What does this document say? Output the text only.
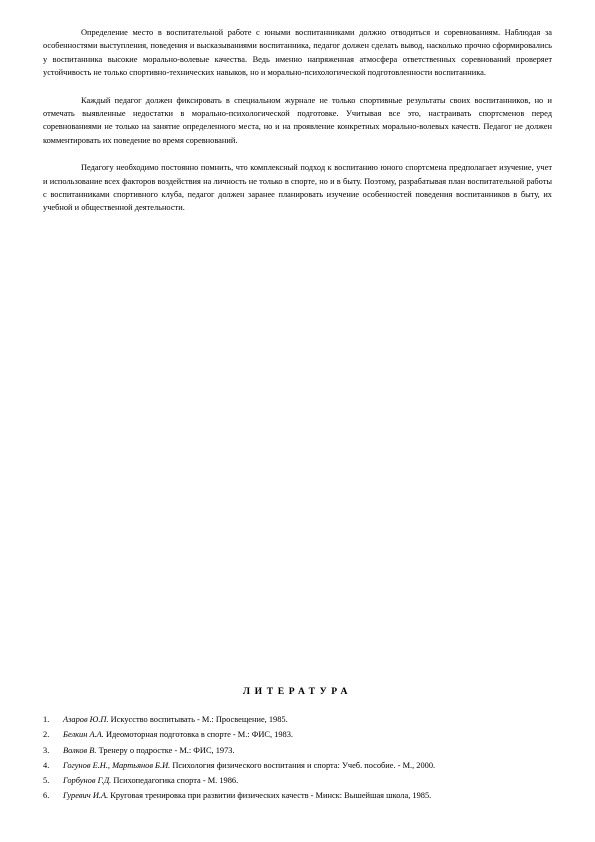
Определение место в воспитательной работе с юными воспитанниками должно отводиться и соревнованиям. Наблюдая за особенностями выступления, поведения и высказываниями воспитанника, педагог должен сделать вывод, насколько прочно сформировались у воспитанника высокие морально-волевые качества. Ведь именно напряженная атмосфера ответственных соревнований проверяет устойчивость не только спортивно-технических навыков, но и морально-психологической подготовленности воспитанника.

Каждый педагог должен фиксировать в специальном журнале не только спортивные результаты своих воспитанников, но и отмечать выявленные недостатки в морально-психологической подготовке. Учитывая все это, настраивать спортсменов перед соревнованиями не только на занятие определенного места, но и на проявление конкретных морально-волевых качеств. Педагог не должен комментировать их поведение во время соревнований.

Педагогу необходимо постоянно помнить, что комплексный подход к воспитанию юного спортсмена предполагает изучение, учет и использование всех факторов воздействия на личность не только в спорте, но и в быту. Поэтому, разрабатывая план воспитательной работы с воспитанниками спортивного клуба, педагог должен заранее планировать изучение особенностей поведения воспитанников в быту, их учебной и общественной деятельности.

ЛИТЕРАТУРА
1.	Азаров Ю.П. Искусство воспитывать - М.: Просвещение, 1985.
2.	Белкин А.А. Идеомоторная подготовка в спорте - М.: ФИС, 1983.
3.	Волков В. Тренеру о подростке - М.: ФИС, 1973.
4.	Гогунов Е.Н., Мартьянов Б.И. Психология физического воспитания и спорта: Учеб. пособие. - М., 2000.
5.	Горбунов Г.Д. Психопедагогика спорта - М. 1986.
6.	Гуревич И.А. Круговая тренировка при развитии физических качеств - Минск: Вышейшая школа, 1985.
